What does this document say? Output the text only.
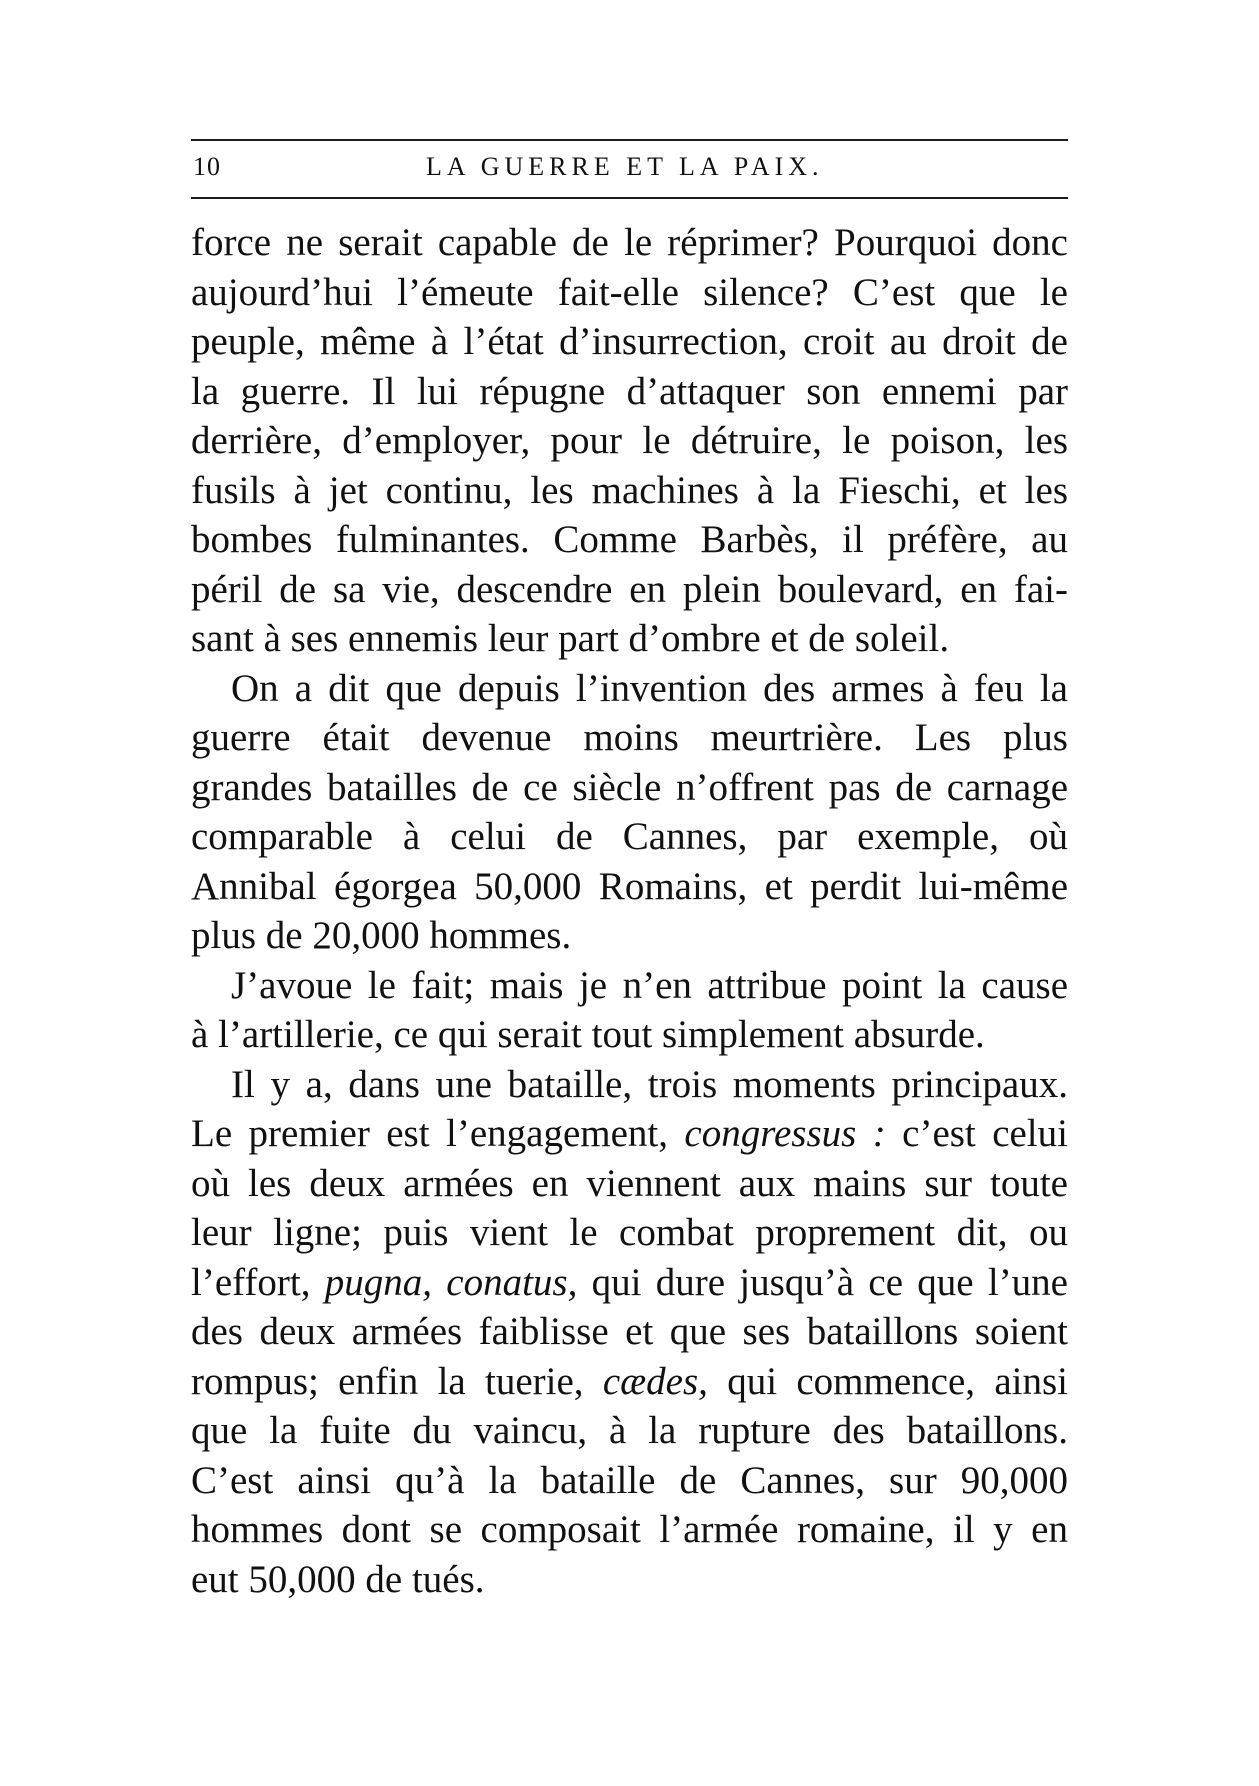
10	LA GUERRE ET LA PAIX.
force ne serait capable de le réprimer? Pourquoi donc
aujourd’hui l’émeute fait-elle silence? C’est que le
peuple, même à l’état d’insurrection, croit au droit de
la guerre. Il lui répugne d’attaquer son ennemi par
derrière, d’employer, pour le détruire, le poison, les
fusils à jet continu, les machines à la Fieschi, et les
bombes fulminantes. Comme Barbès, il préfère, au
péril de sa vie, descendre en plein boulevard, en fai-
sant à ses ennemis leur part d’ombre et de soleil.
On a dit que depuis l’invention des armes à feu la
guerre était devenue moins meurtrière. Les plus
grandes batailles de ce siècle n’offrent pas de carnage
comparable à celui de Cannes, par exemple, où
Annibal égorgea 50,000 Romains, et perdit lui-même
plus de 20,000 hommes.
J’avoue le fait; mais je n’en attribue point la cause
à l’artillerie, ce qui serait tout simplement absurde.
Il y a, dans une bataille, trois moments principaux.
Le premier est l’engagement, congressus : c’est celui
où les deux armées en viennent aux mains sur toute
leur ligne; puis vient le combat proprement dit, ou
l’effort, pugna, conatus, qui dure jusqu’à ce que l’une
des deux armées faiblisse et que ses bataillons soient
rompus; enfin la tuerie, cædes, qui commence, ainsi
que la fuite du vaincu, à la rupture des bataillons.
C’est ainsi qu’à la bataille de Cannes, sur 90,000
hommes dont se composait l’armée romaine, il y en
eut 50,000 de tués.
